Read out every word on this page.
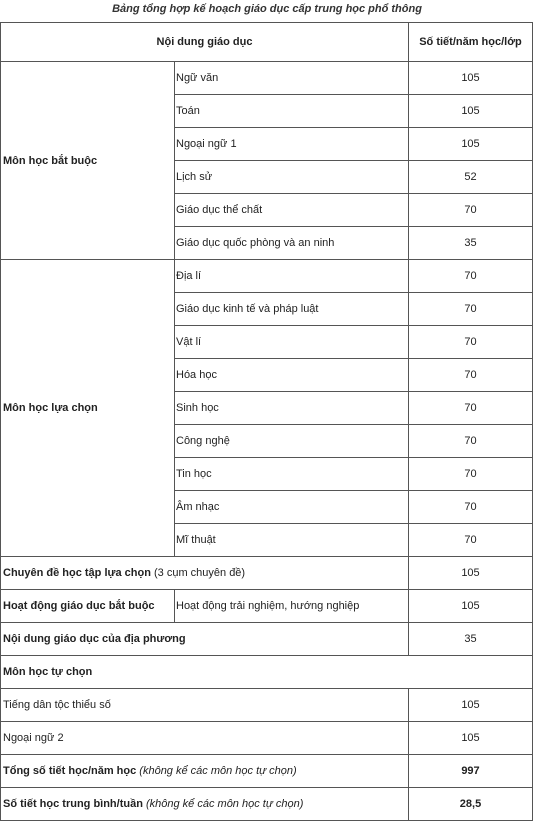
Bảng tổng hợp kế hoạch giáo dục cấp trung học phổ thông
Nội dung giáo dục		Số tiết/năm học/lớp
Môn học bắt buộc	Ngữ văn	105
	Toán	105
	Ngoại ngữ 1	105
	Lịch sử	52
	Giáo dục thể chất	70
	Giáo dục quốc phòng và an ninh	35
Môn học lựa chọn	Địa lí	70
	Giáo dục kinh tế và pháp luật	70
	Vật lí	70
	Hóa học	70
	Sinh học	70
	Công nghệ	70
	Tin học	70
	Âm nhạc	70
	Mĩ thuật	70
Chuyên đề học tập lựa chọn (3 cụm chuyên đề)		105
Hoạt động giáo dục bắt buộc	Hoạt động trải nghiệm, hướng nghiệp	105
Nội dung giáo dục của địa phương		35
Môn học tự chọn		
Tiếng dân tộc thiểu số		105
Ngoại ngữ 2		105
Tổng số tiết học/năm học (không kể các môn học tự chọn)		997
Số tiết học trung bình/tuần (không kể các môn học tự chọn)		28,5
